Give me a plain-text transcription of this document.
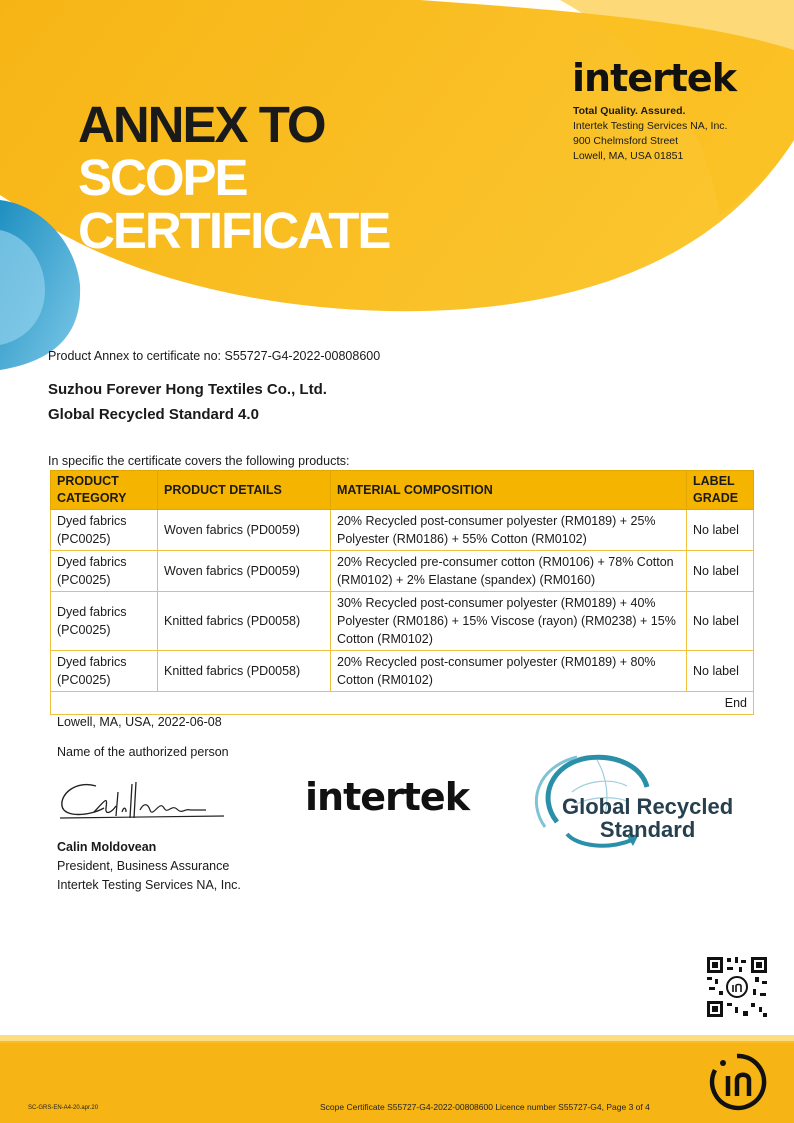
ANNEX TO
SCOPE
CERTIFICATE
intertek
Total Quality. Assured.
Intertek Testing Services NA, Inc.
900 Chelmsford Street
Lowell, MA, USA 01851
Product Annex to certificate no: S55727-G4-2022-00808600
Suzhou Forever Hong Textiles Co., Ltd.
Global Recycled Standard 4.0
In specific the certificate covers the following products:
PRODUCT CATEGORY	PRODUCT DETAILS	MATERIAL COMPOSITION	LABEL GRADE
Dyed fabrics (PC0025)	Woven fabrics (PD0059)	20% Recycled post-consumer polyester (RM0189) + 25% Polyester (RM0186) + 55% Cotton (RM0102)	No label
Dyed fabrics (PC0025)	Woven fabrics (PD0059)	20% Recycled pre-consumer cotton (RM0106) + 78% Cotton (RM0102) + 2% Elastane (spandex) (RM0160)	No label
Dyed fabrics (PC0025)	Knitted fabrics (PD0058)	30% Recycled post-consumer polyester (RM0189) + 40% Polyester (RM0186) + 15% Viscose (rayon) (RM0238) + 15% Cotton (RM0102)	No label
Dyed fabrics (PC0025)	Knitted fabrics (PD0058)	20% Recycled post-consumer polyester (RM0189) + 80% Cotton (RM0102)	No label
End			
Lowell, MA, USA, 2022-06-08
Name of the authorized person
Calin Moldovean
President, Business Assurance
Intertek Testing Services NA, Inc.
intertek	Global Recycled
Standard
SC-GRS-EN-A4-20.apr.20	Scope Certificate S55727-G4-2022-00808600 Licence number S55727-G4, Page 3 of 4
